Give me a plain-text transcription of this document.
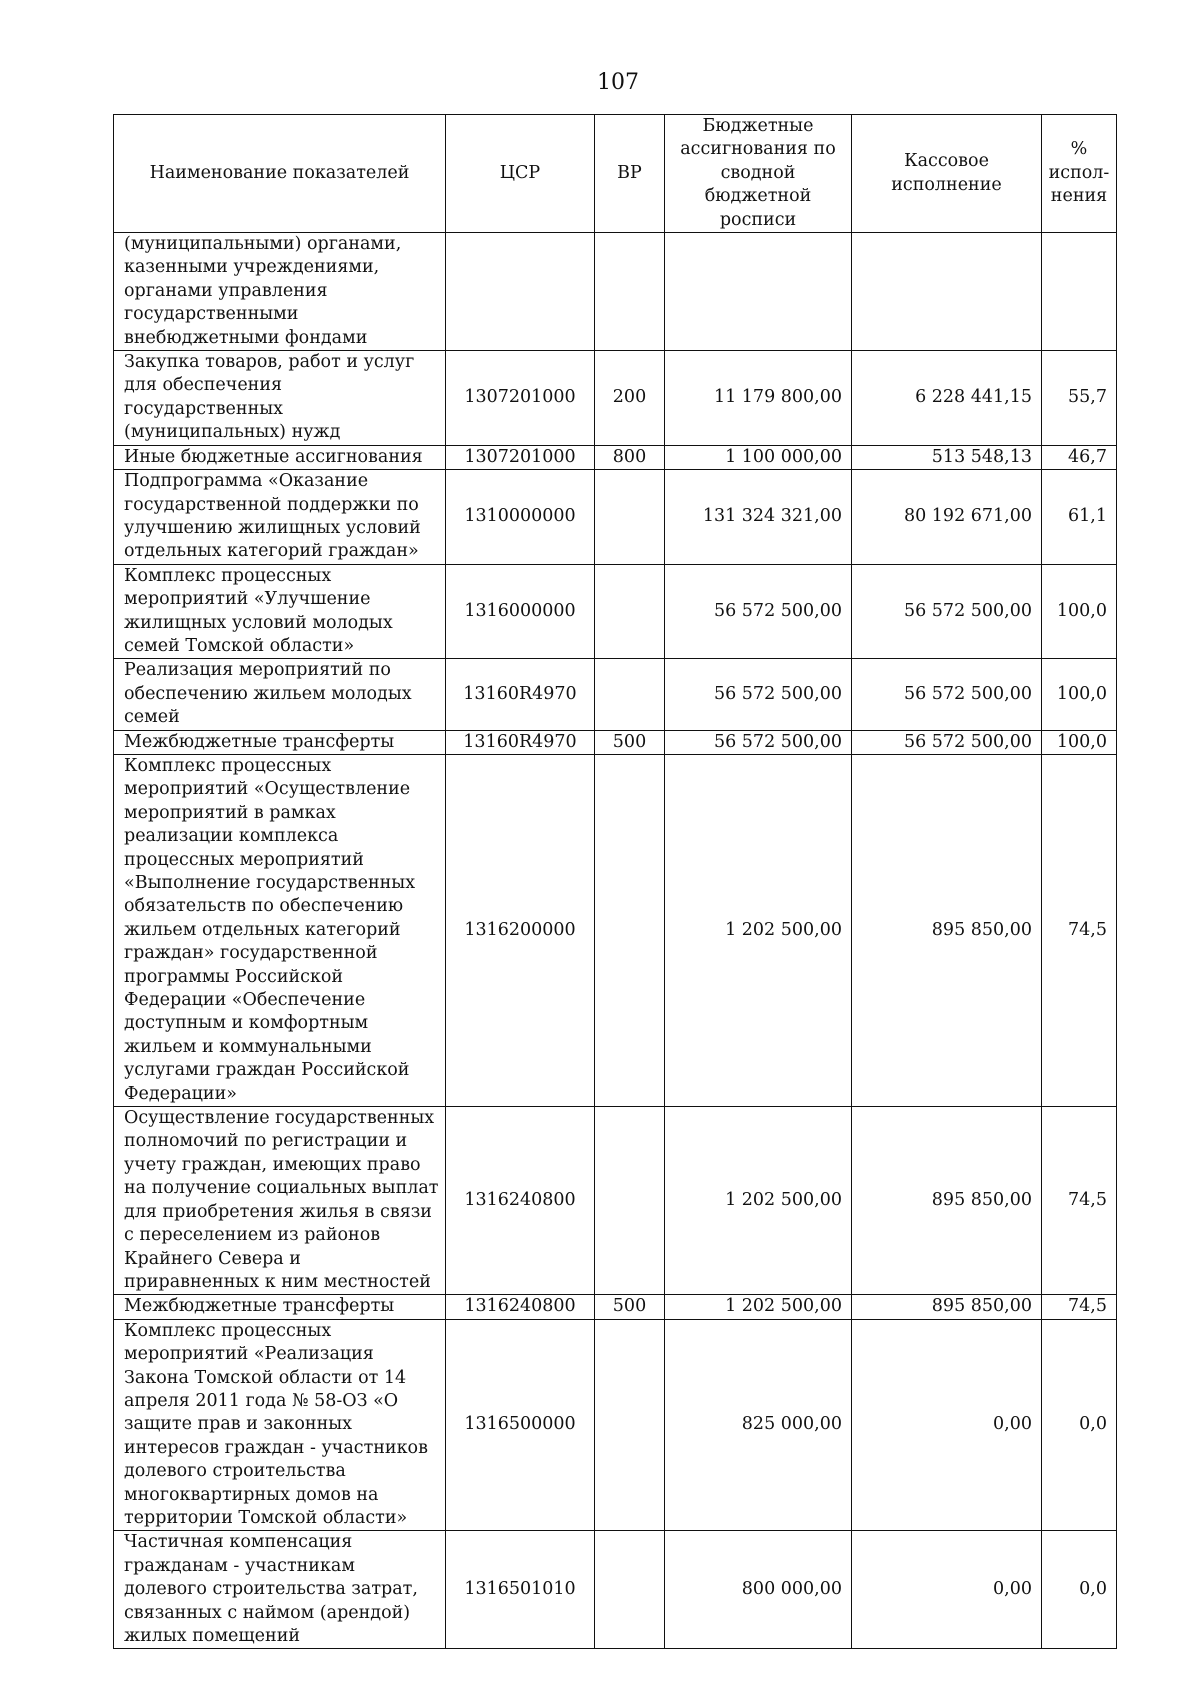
107
Наименование показателей	ЦСР	ВР	Бюджетные ассигнования по сводной бюджетной росписи	Кассовое исполнение	% испол-нения
(муниципальными) органами, казенными учреждениями, органами управления государственными внебюджетными фондами					
Закупка товаров, работ и услуг для обеспечения государственных (муниципальных) нужд	1307201000	200	11 179 800,00	6 228 441,15	55,7
Иные бюджетные ассигнования	1307201000	800	1 100 000,00	513 548,13	46,7
Подпрограмма «Оказание государственной поддержки по улучшению жилищных условий отдельных категорий граждан»	1310000000		131 324 321,00	80 192 671,00	61,1
Комплекс процессных мероприятий «Улучшение жилищных условий молодых семей Томской области»	1316000000		56 572 500,00	56 572 500,00	100,0
Реализация мероприятий по обеспечению жильем молодых семей	13160R4970		56 572 500,00	56 572 500,00	100,0
Межбюджетные трансферты	13160R4970	500	56 572 500,00	56 572 500,00	100,0
Комплекс процессных мероприятий «Осуществление мероприятий в рамках реализации комплекса процессных мероприятий «Выполнение государственных обязательств по обеспечению жильем отдельных категорий граждан» государственной программы Российской Федерации «Обеспечение доступным и комфортным жильем и коммунальными услугами граждан Российской Федерации»	1316200000		1 202 500,00	895 850,00	74,5
Осуществление государственных полномочий по регистрации и учету граждан, имеющих право на получение социальных выплат для приобретения жилья в связи с переселением из районов Крайнего Севера и приравненных к ним местностей	1316240800		1 202 500,00	895 850,00	74,5
Межбюджетные трансферты	1316240800	500	1 202 500,00	895 850,00	74,5
Комплекс процессных мероприятий «Реализация Закона Томской области от 14 апреля 2011 года № 58-ОЗ «О защите прав и законных интересов граждан - участников долевого строительства многоквартирных домов на территории Томской области»	1316500000		825 000,00	0,00	0,0
Частичная компенсация гражданам - участникам долевого строительства затрат, связанных с наймом (арендой) жилых помещений	1316501010		800 000,00	0,00	0,0
